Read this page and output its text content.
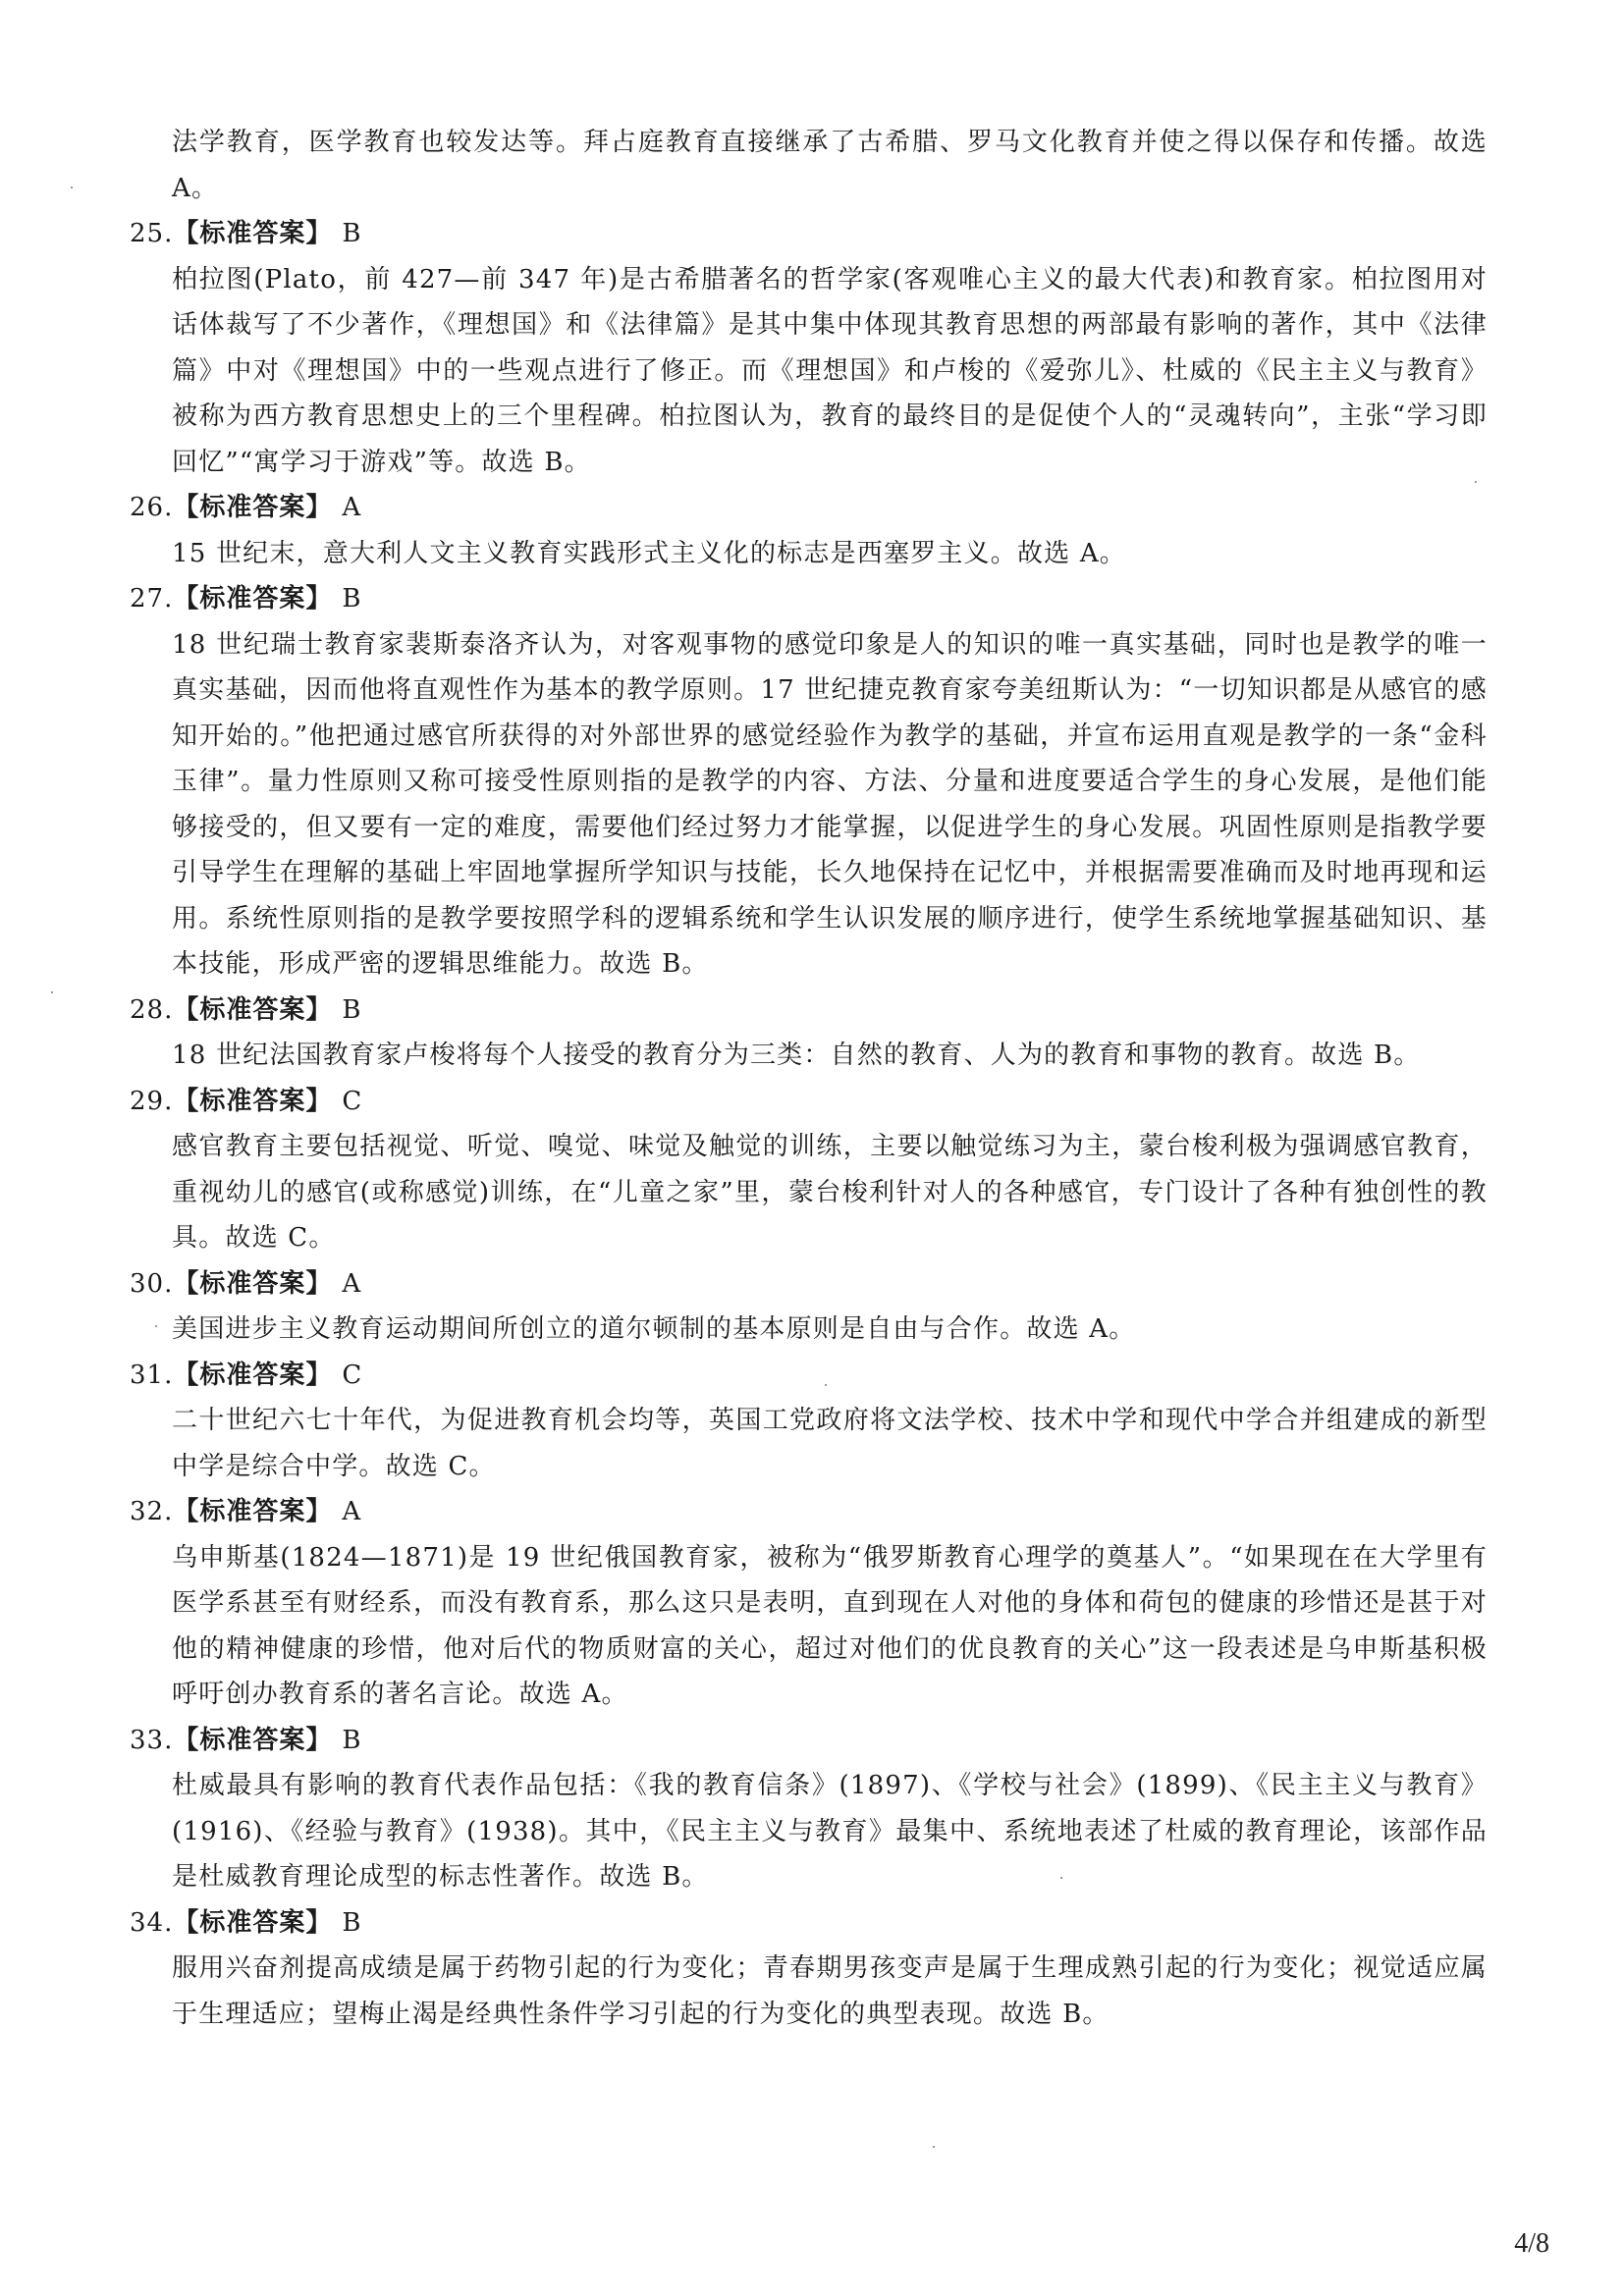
法学教育，医学教育也较发达等。拜占庭教育直接继承了古希腊、罗马文化教育并使之得以保存和传播。故选 A。
25.【标准答案】 B
柏拉图(Plato，前 427—前 347 年)是古希腊著名的哲学家(客观唯心主义的最大代表)和教育家。柏拉图用对话体裁写了不少著作，《理想国》和《法律篇》是其中集中体现其教育思想的两部最有影响的著作，其中《法律篇》中对《理想国》中的一些观点进行了修正。而《理想国》和卢梭的《爱弥儿》、杜威的《民主主义与教育》被称为西方教育思想史上的三个里程碑。柏拉图认为，教育的最终目的是促使个人的“灵魂转向”，主张“学习即回忆”“寓学习于游戏”等。故选 B。
26.【标准答案】 A
15 世纪末，意大利人文主义教育实践形式主义化的标志是西塞罗主义。故选 A。
27.【标准答案】 B
18 世纪瑞士教育家裴斯泰洛齐认为，对客观事物的感觉印象是人的知识的唯一真实基础，同时也是教学的唯一真实基础，因而他将直观性作为基本的教学原则。17 世纪捷克教育家夸美纽斯认为：“一切知识都是从感官的感知开始的。”他把通过感官所获得的对外部世界的感觉经验作为教学的基础，并宣布运用直观是教学的一条“金科玉律”。量力性原则又称可接受性原则指的是教学的内容、方法、分量和进度要适合学生的身心发展，是他们能够接受的，但又要有一定的难度，需要他们经过努力才能掌握，以促进学生的身心发展。巩固性原则是指教学要引导学生在理解的基础上牢固地掌握所学知识与技能，长久地保持在记忆中，并根据需要准确而及时地再现和运用。系统性原则指的是教学要按照学科的逻辑系统和学生认识发展的顺序进行，使学生系统地掌握基础知识、基本技能，形成严密的逻辑思维能力。故选 B。
28.【标准答案】 B
18 世纪法国教育家卢梭将每个人接受的教育分为三类：自然的教育、人为的教育和事物的教育。故选 B。
29.【标准答案】 C
感官教育主要包括视觉、听觉、嗅觉、味觉及触觉的训练，主要以触觉练习为主，蒙台梭利极为强调感官教育，重视幼儿的感官(或称感觉)训练，在“儿童之家”里，蒙台梭利针对人的各种感官，专门设计了各种有独创性的教具。故选 C。
30.【标准答案】 A
美国进步主义教育运动期间所创立的道尔顿制的基本原则是自由与合作。故选 A。
31.【标准答案】 C
二十世纪六七十年代，为促进教育机会均等，英国工党政府将文法学校、技术中学和现代中学合并组建成的新型中学是综合中学。故选 C。
32.【标准答案】 A
乌申斯基(1824—1871)是 19 世纪俄国教育家，被称为“俄罗斯教育心理学的奠基人”。“如果现在在大学里有医学系甚至有财经系，而没有教育系，那么这只是表明，直到现在人对他的身体和荷包的健康的珍惜还是甚于对他的精神健康的珍惜，他对后代的物质财富的关心，超过对他们的优良教育的关心”这一段表述是乌申斯基积极呼吁创办教育系的著名言论。故选 A。
33.【标准答案】 B
杜威最具有影响的教育代表作品包括：《我的教育信条》(1897)、《学校与社会》(1899)、《民主主义与教育》(1916)、《经验与教育》(1938)。其中，《民主主义与教育》最集中、系统地表述了杜威的教育理论，该部作品是杜威教育理论成型的标志性著作。故选 B。
34.【标准答案】 B
服用兴奋剂提高成绩是属于药物引起的行为变化；青春期男孩变声是属于生理成熟引起的行为变化；视觉适应属于生理适应；望梅止渴是经典性条件学习引起的行为变化的典型表现。故选 B。
4/8
